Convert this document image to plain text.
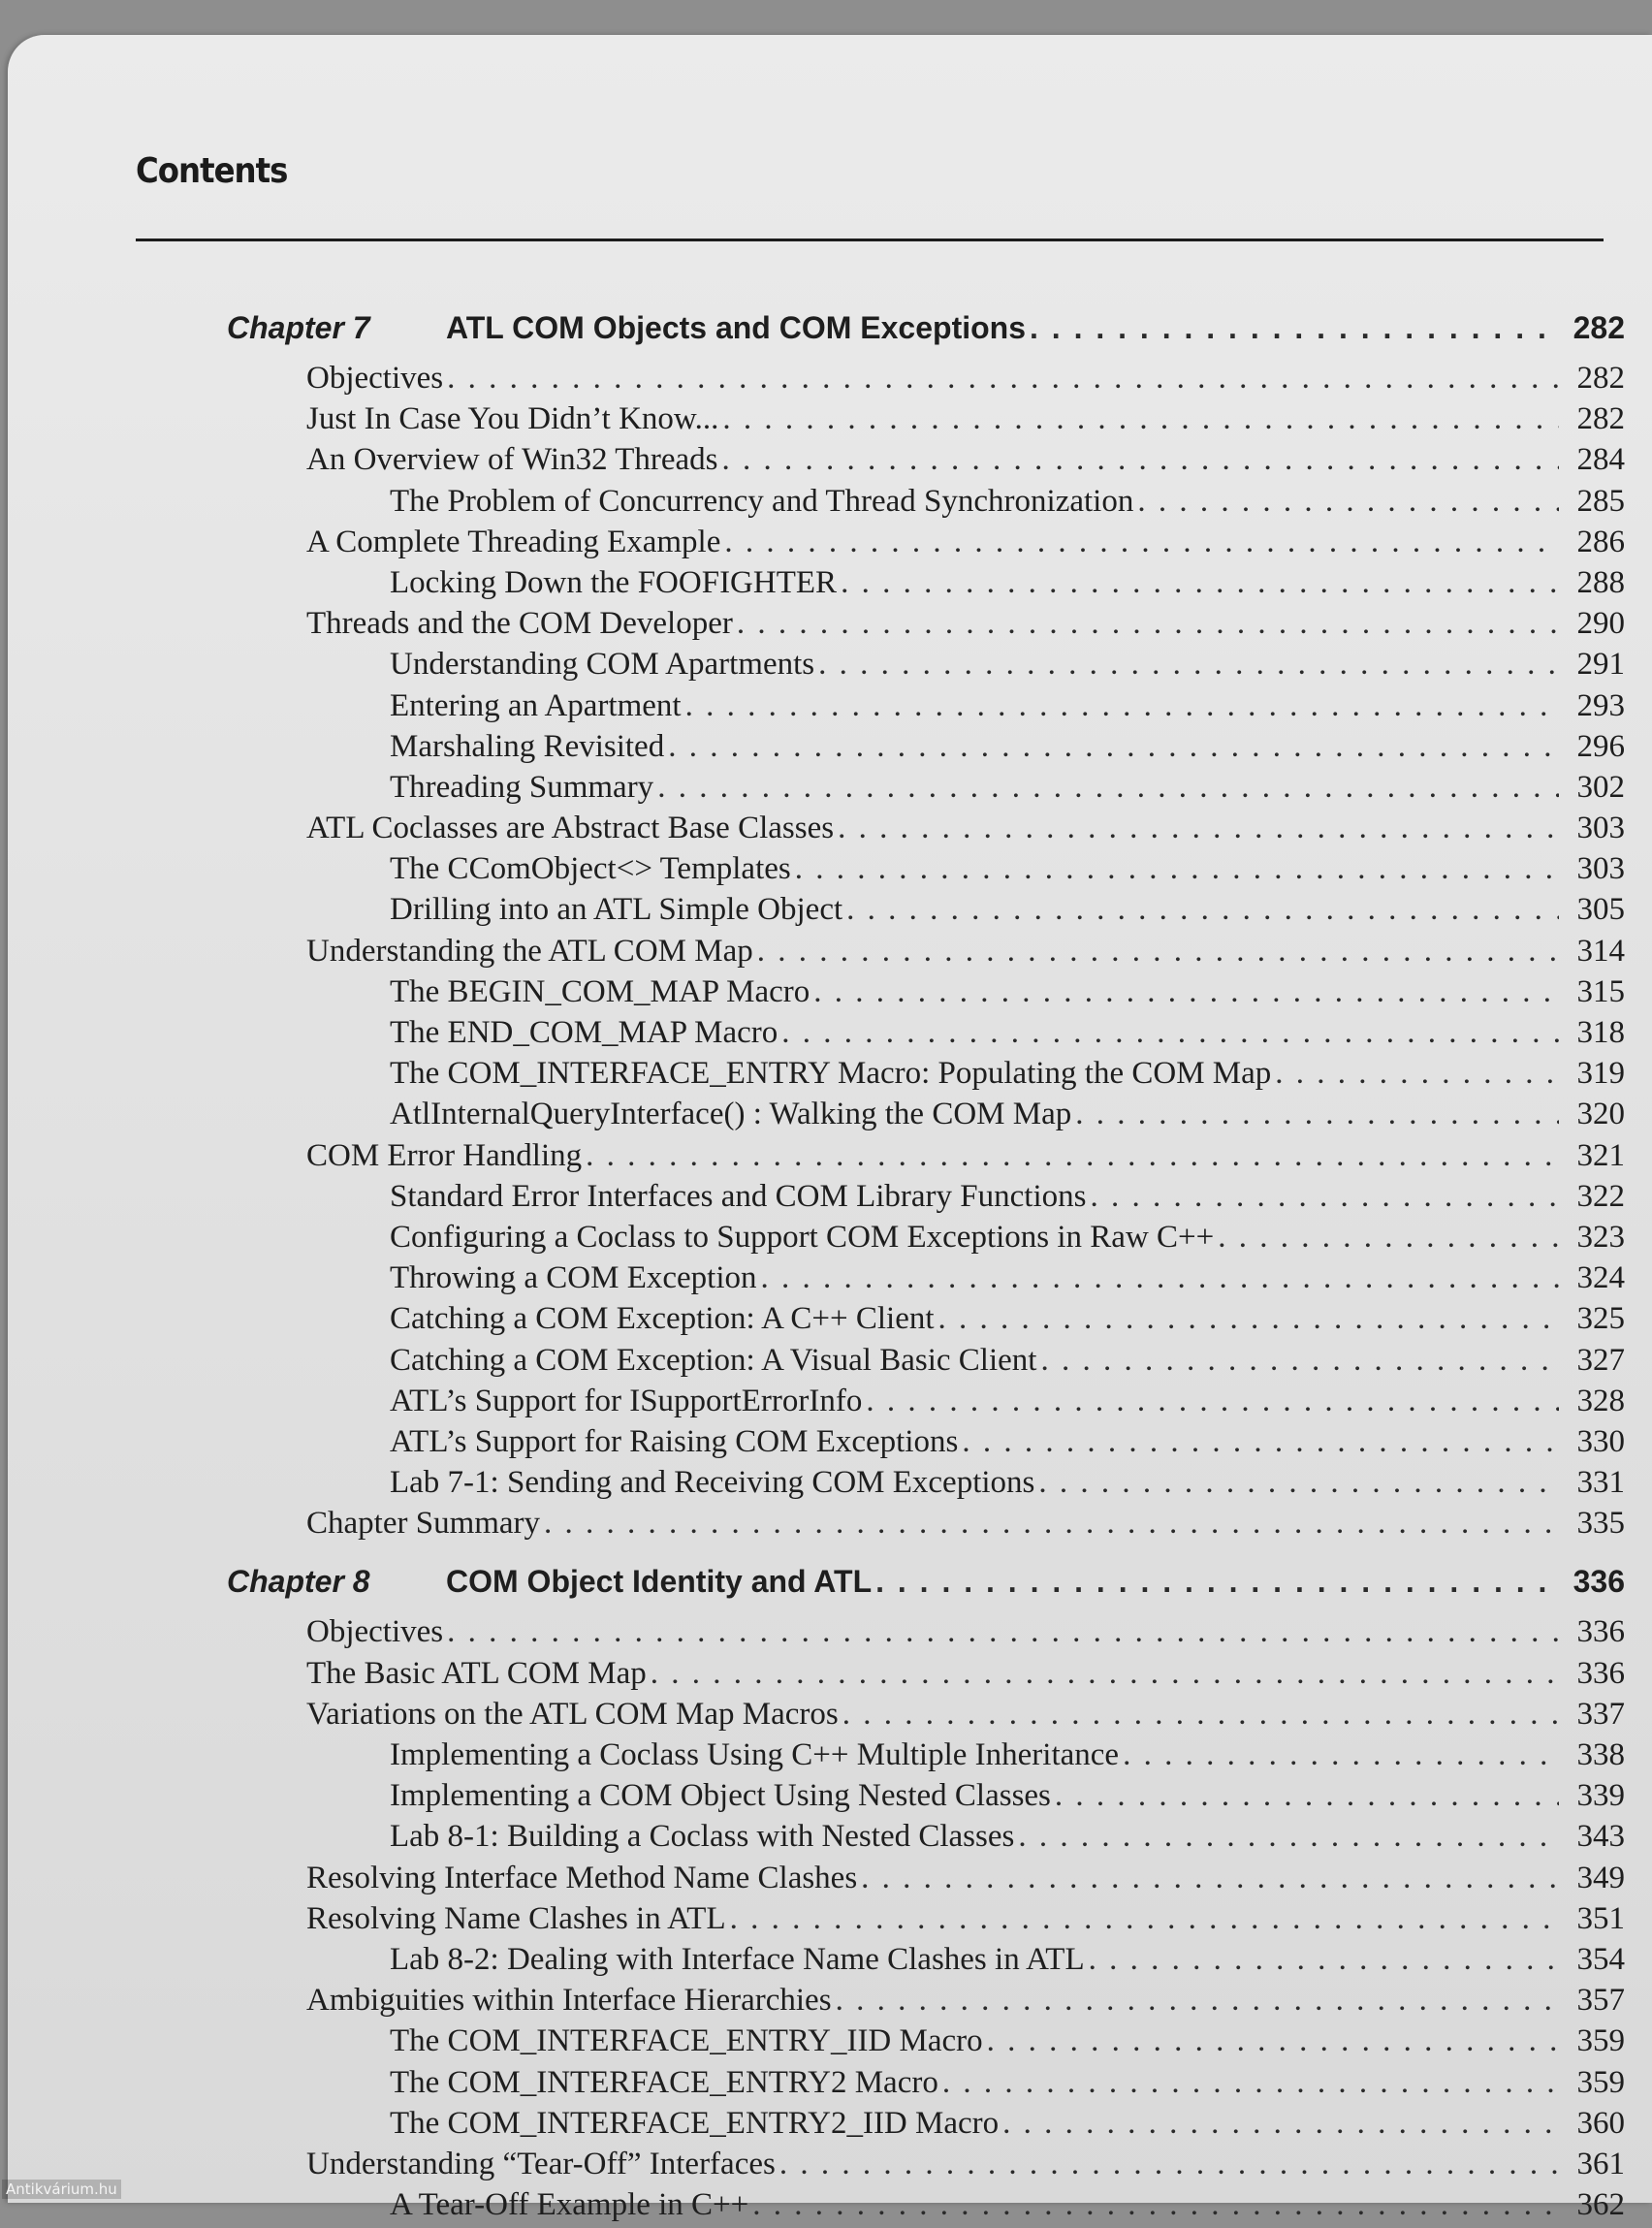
Contents
Chapter 7	ATL COM Objects and COM Exceptions . . .	282
Objectives . . .	282
Just In Case You Didn’t Know... . . .	282
An Overview of Win32 Threads . . .	284
The Problem of Concurrency and Thread Synchronization . . .	285
A Complete Threading Example . . .	286
Locking Down the FOOFIGHTER . . .	288
Threads and the COM Developer . . .	290
Understanding COM Apartments . . .	291
Entering an Apartment . . .	293
Marshaling Revisited . . .	296
Threading Summary . . .	302
ATL Coclasses are Abstract Base Classes . . .	303
The CComObject<> Templates . . .	303
Drilling into an ATL Simple Object . . .	305
Understanding the ATL COM Map . . .	314
The BEGIN_COM_MAP Macro . . .	315
The END_COM_MAP Macro . . .	318
The COM_INTERFACE_ENTRY Macro: Populating the COM Map . . .	319
AtlInternalQueryInterface() : Walking the COM Map . . .	320
COM Error Handling . . .	321
Standard Error Interfaces and COM Library Functions . . .	322
Configuring a Coclass to Support COM Exceptions in Raw C++ . . .	323
Throwing a COM Exception . . .	324
Catching a COM Exception: A C++ Client . . .	325
Catching a COM Exception: A Visual Basic Client . . .	327
ATL’s Support for ISupportErrorInfo . . .	328
ATL’s Support for Raising COM Exceptions . . .	330
Lab 7-1: Sending and Receiving COM Exceptions . . .	331
Chapter Summary . . .	335
Chapter 8	COM Object Identity and ATL . . .	336
Objectives . . .	336
The Basic ATL COM Map . . .	336
Variations on the ATL COM Map Macros . . .	337
Implementing a Coclass Using C++ Multiple Inheritance . . .	338
Implementing a COM Object Using Nested Classes . . .	339
Lab 8-1: Building a Coclass with Nested Classes . . .	343
Resolving Interface Method Name Clashes . . .	349
Resolving Name Clashes in ATL . . .	351
Lab 8-2: Dealing with Interface Name Clashes in ATL . . .	354
Ambiguities within Interface Hierarchies . . .	357
The COM_INTERFACE_ENTRY_IID Macro . . .	359
The COM_INTERFACE_ENTRY2 Macro . . .	359
The COM_INTERFACE_ENTRY2_IID Macro . . .	360
Understanding “Tear-Off” Interfaces . . .	361
A Tear-Off Example in C++ . . .	362
Antikvárium.hu
